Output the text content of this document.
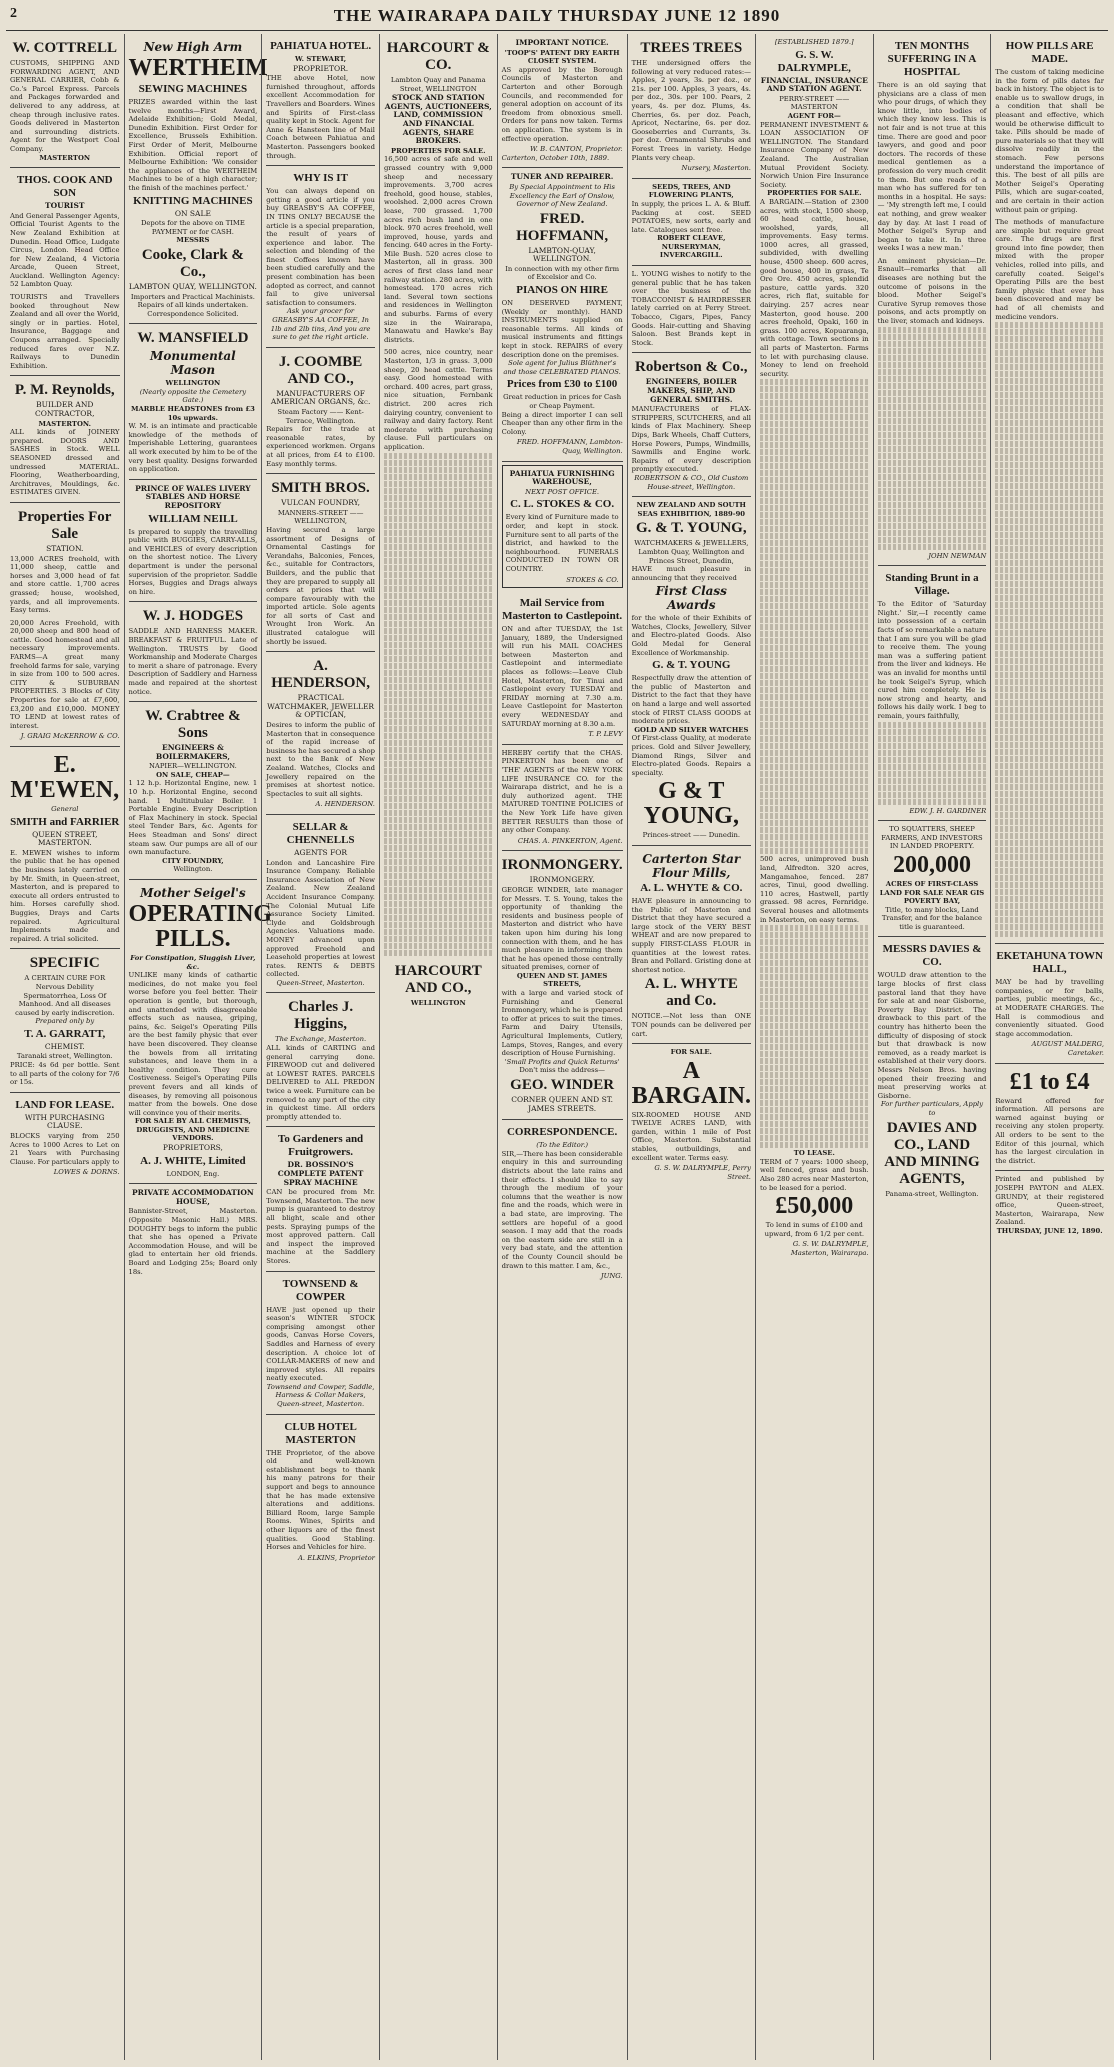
2	THE WAIRARAPA DAILY THURSDAY JUNE 12 1890
W. COTTRELL
CUSTOMS, SHIPPING AND FORWARDING AGENT, AND GENERAL CARRIER, Cobb & Co.'s Parcel Express. Parcels and Packages forwarded and delivered to any address, at cheap through inclusive rates. Goods delivered in Masterton and surrounding districts. Agent for the Westport Coal Company.
MASTERTON
THOS. COOK AND SON
TOURIST
And General Passenger Agents, Official Tourist Agents to the New Zealand Exhibition at Dunedin. Head Office, Ludgate Circus, London. Head Office for New Zealand, 4 Victoria Arcade, Queen Street, Auckland. Wellington Agency: 52 Lambton Quay.
TOURISTS and Travellers booked throughout New Zealand and all over the World, singly or in parties. Hotel, Insurance, Baggage and Coupons arranged. Specially reduced fares over N.Z. Railways to Dunedin Exhibition.
P. M. Reynolds,
BUILDER AND CONTRACTOR,
MASTERTON.
ALL kinds of JOINERY prepared. DOORS AND SASHES in Stock. WELL SEASONED dressed and undressed MATERIAL. Flooring, Weatherboarding, Architraves, Mouldings, &c. ESTIMATES GIVEN.
Properties For Sale
STATION.
13,000 ACRES freehold, with 11,000 sheep, cattle and horses and 3,000 head of fat and store cattle. 1,700 acres grassed; house, woolshed, yards, and all improvements. Easy terms.
20,000 Acres Freehold, with 20,000 sheep and 800 head of cattle. Good homestead and all necessary improvements. FARMS—A great many freehold farms for sale, varying in size from 100 to 500 acres. CITY & SUBURBAN PROPERTIES. 3 Blocks of City Properties for sale at £7,600, £3,200 and £10,000. MONEY TO LEND at lowest rates of interest.
J. GRAIG McKERROW & CO.
E. M'EWEN,
General
SMITH and FARRIER
QUEEN STREET, MASTERTON.
E. MEWEN wishes to inform the public that he has opened the business lately carried on by Mr. Smith, in Queen-street, Masterton, and is prepared to execute all orders entrusted to him. Horses carefully shod. Buggies, Drays and Carts repaired. Agricultural Implements made and repaired. A trial solicited.
SPECIFIC
A CERTAIN CURE FOR Nervous Debility Spermatorrhea, Loss Of Manhood. And all diseases caused by early indiscretion.
Prepared only by
T. A. GARRATT,
CHEMIST.
Taranaki street, Wellington.
PRICE: 4s 6d per bottle. Sent to all parts of the colony for 7/6 or 15s.
LAND FOR LEASE.
WITH PURCHASING CLAUSE.
BLOCKS varying from 250 Acres to 1000 Acres to Let on 21 Years with Purchasing Clause. For particulars apply to
LOWES & DORNS.
New High Arm
WERTHEIM
SEWING MACHINES
PRIZES awarded within the last twelve months—First Award, Adelaide Exhibition; Gold Medal, Dunedin Exhibition. First Order for Excellence, Brussels Exhibition. First Order of Merit, Melbourne Exhibition. Official report of Melbourne Exhibition: 'We consider the appliances of the WERTHEIM Machines to be of a high character; the finish of the machines perfect.'
KNITTING MACHINES
ON SALE
Depots for the above on TIME PAYMENT or for CASH.
MESSRS
Cooke, Clark & Co.,
LAMBTON QUAY, WELLINGTON.
Importers and Practical Machinists. Repairs of all kinds undertaken. Correspondence Solicited.
W. MANSFIELD
Monumental Mason
WELLINGTON
(Nearly opposite the Cemetery Gate.)
MARBLE HEADSTONES from £3 10s upwards.
W. M. is an intimate and practicable knowledge of the methods of Imperishable Lettering, guarantees all work executed by him to be of the very best quality. Designs forwarded on application.
PRINCE OF WALES LIVERY STABLES AND HORSE REPOSITORY
WILLIAM NEILL
Is prepared to supply the travelling public with BUGGIES, CARRY-ALLS, and VEHICLES of every description on the shortest notice. The Livery department is under the personal supervision of the proprietor. Saddle Horses, Buggies and Drags always on hire.
W. J. HODGES
SADDLE AND HARNESS MAKER. BREAKFAST & FRUITFUL. Late of Wellington. TRUSTS by Good Workmanship and Moderate Charges to merit a share of patronage. Every Description of Saddlery and Harness made and repaired at the shortest notice.
W. Crabtree & Sons
ENGINEERS & BOILERMAKERS,
NAPIER—WELLINGTON.
ON SALE, CHEAP—
1 12 h.p. Horizontal Engine, new. 1 10 h.p. Horizontal Engine, second hand. 1 Multitubular Boiler. 1 Portable Engine. Every Description of Flax Machinery in stock. Special steel Tender Bars, &c. Agents for Hees Steadman and Sons' direct steam saw. Our pumps are all of our own manufacture.
CITY FOUNDRY,
Wellington.
Mother Seigel's
OPERATING PILLS.
For Constipation, Sluggish Liver, &c.
UNLIKE many kinds of cathartic medicines, do not make you feel worse before you feel better. Their operation is gentle, but thorough, and unattended with disagreeable effects such as nausea, griping, pains, &c. Seigel's Operating Pills are the best family physic that ever have been discovered. They cleanse the bowels from all irritating substances, and leave them in a healthy condition. They cure Costiveness. Seigel's Operating Pills prevent fevers and all kinds of diseases, by removing all poisonous matter from the bowels. One dose will convince you of their merits.
FOR SALE BY ALL CHEMISTS, DRUGGISTS, AND MEDICINE VENDORS.
PROPRIETORS,
A. J. WHITE, Limited
LONDON, Eng.
PRIVATE ACCOMMODATION HOUSE,
Bannister-Street, Masterton. (Opposite Masonic Hall.) MRS. DOUGHTY begs to inform the public that she has opened a Private Accommodation House, and will be glad to entertain her old friends. Board and Lodging 25s; Board only 18s.
PAHIATUA HOTEL.
W. STEWART,
PROPRIETOR.
THE above Hotel, now furnished throughout, affords excellent Accommodation for Travellers and Boarders. Wines and Spirits of First-class quality kept in Stock. Agent for Anne & Hansteen line of Mail Coach between Pahiatua and Masterton. Passengers booked through.
WHY IS IT
You can always depend on getting a good article if you buy GREASBY'S AA COFFEE, IN TINS ONLY? BECAUSE the article is a special preparation, the result of years of experience and labor. The selection and blending of the finest Coffees known have been studied carefully and the present combination has been adopted as correct, and cannot fail to give universal satisfaction to consumers.
Ask your grocer for GREASBY'S AA COFFEE, In 1lb and 2lb tins, And you are sure to get the right article.
J. COOMBE AND CO.,
MANUFACTURERS OF AMERICAN ORGANS, &c.
Steam Factory —— Kent-Terrace, Wellington.
Repairs for the trade at reasonable rates, by experienced workmen. Organs at all prices, from £4 to £100. Easy monthly terms.
SMITH BROS.
VULCAN FOUNDRY,
MANNERS-STREET —— WELLINGTON,
Having secured a large assortment of Designs of Ornamental Castings for Verandahs, Balconies, Fences, &c., suitable for Contractors, Builders, and the public that they are prepared to supply all orders at prices that will compare favourably with the imported article. Sole agents for all sorts of Cast and Wrought Iron Work. An illustrated catalogue will shortly be issued.
A. HENDERSON,
PRACTICAL WATCHMAKER, JEWELLER & OPTICIAN,
Desires to inform the public of Masterton that in consequence of the rapid increase of business he has secured a shop next to the Bank of New Zealand. Watches, Clocks and Jewellery repaired on the premises at shortest notice. Spectacles to suit all sights.
A. HENDERSON.
SELLAR & CHENNELLS
AGENTS FOR
London and Lancashire Fire Insurance Company. Reliable Insurance Association of New Zealand. New Zealand Accident Insurance Company. The Colonial Mutual Life Assurance Society Limited. Clyde and Goldsbrough Agencies. Valuations made. MONEY advanced upon approved Freehold and Leasehold properties at lowest rates. RENTS & DEBTS collected.
Queen-Street, Masterton.
Charles J. Higgins,
The Exchange, Masterton.
ALL kinds of CARTING and general carrying done. FIREWOOD cut and delivered at LOWEST RATES. PARCELS DELIVERED to ALL PREDON twice a week. Furniture can be removed to any part of the city in quickest time. All orders promptly attended to.
To Gardeners and Fruitgrowers.
DR. BOSSINO'S COMPLETE PATENT SPRAY MACHINE
CAN be procured from Mr. Townsend, Masterton. The new pump is guaranteed to destroy all blight, scale and other pests. Spraying pumps of the most approved pattern. Call and inspect the improved machine at the Saddlery Stores.
TOWNSEND & COWPER
HAVE just opened up their season's WINTER STOCK comprising amongst other goods, Canvas Horse Covers, Saddles and Harness of every description. A choice lot of COLLAR-MAKERS of new and improved styles. All repairs neatly executed.
Townsend and Cowper, Saddle, Harness & Collar Makers, Queen-street, Masterton.
CLUB HOTEL MASTERTON
THE Proprietor, of the above old and well-known establishment begs to thank his many patrons for their support and begs to announce that he has made extensive alterations and additions. Billiard Room, large Sample Rooms. Wines, Spirits and other liquors are of the finest qualities. Good Stabling. Horses and Vehicles for hire.
A. ELKINS, Proprietor
HARCOURT & CO.
Lambton Quay and Panama Street, WELLINGTON
STOCK AND STATION AGENTS, AUCTIONEERS, LAND, COMMISSION AND FINANCIAL AGENTS, SHARE BROKERS.
PROPERTIES FOR SALE.
16,500 acres of safe and well grassed country with 9,000 sheep and necessary improvements. 3,700 acres freehold, good house, stables, woolshed. 2,000 acres Crown lease, 700 grassed. 1,700 acres rich bush land in one block. 970 acres freehold, well improved, house, yards and fencing. 640 acres in the Forty-Mile Bush. 520 acres close to Masterton, all in grass. 300 acres of first class land near railway station. 280 acres, with homestead. 170 acres rich land. Several town sections and residences in Wellington and suburbs. Farms of every size in the Wairarapa, Manawatu and Hawke's Bay districts.
500 acres, nice country, near Masterton, 1/3 in grass. 3,000 sheep, 20 head cattle. Terms easy. Good homestead with orchard. 400 acres, part grass, nice situation, Fernbank district. 200 acres rich dairying country, convenient to railway and dairy factory. Rent moderate with purchasing clause. Full particulars on application.
HARCOURT AND CO.,
WELLINGTON
IMPORTANT NOTICE.
'TOOP'S' PATENT DRY EARTH CLOSET SYSTEM.
AS approved by the Borough Councils of Masterton and Carterton and other Borough Councils, and recommended for general adoption on account of its freedom from obnoxious smell. Orders for pans now taken. Terms on application. The system is in effective operation.
W. B. CANTON, Proprietor.
Carterton, October 10th, 1889.
TUNER AND REPAIRER.
By Special Appointment to His Excellency the Earl of Onslow, Governor of New Zealand.
FRED. HOFFMANN,
LAMBTON-QUAY, WELLINGTON.
In connection with my other firm of Excelsior and Co.
PIANOS ON HIRE
ON DESERVED PAYMENT, (Weekly or monthly). HAND INSTRUMENTS supplied on reasonable terms. All kinds of musical instruments and fittings kept in stock. REPAIRS of every description done on the premises.
Sole agent for Julius Blüthner's and those CELEBRATED PIANOS.
Prices from £30 to £100
Great reduction in prices for Cash or Cheap Payment.
Being a direct importer I can sell Cheaper than any other firm in the Colony.
FRED. HOFFMANN, Lambton-Quay, Wellington.
PAHIATUA FURNISHING WAREHOUSE,
NEXT POST OFFICE.
C. L. STOKES & CO.
Every kind of Furniture made to order, and kept in stock. Furniture sent to all parts of the district, and hawked to the neighbourhood. FUNERALS CONDUCTED IN TOWN OR COUNTRY.
STOKES & CO.
Mail Service from Masterton to Castlepoint.
ON and after TUESDAY, the 1st January, 1889, the Undersigned will run his MAIL COACHES between Masterton and Castlepoint and intermediate places as follows:—Leave Club Hotel, Masterton, for Tinui and Castlepoint every TUESDAY and FRIDAY morning at 7.30 a.m. Leave Castlepoint for Masterton every WEDNESDAY and SATURDAY morning at 8.30 a.m.
T. P. LEVY
HEREBY certify that the CHAS. PINKERTON has been one of 'THE' AGENTS of the NEW YORK LIFE INSURANCE CO. for the Wairarapa district, and he is a duly authorized agent. THE MATURED TONTINE POLICIES of the New York Life have given BETTER RESULTS than those of any other Company.
CHAS. A. PINKERTON, Agent.
IRONMONGERY.
IRONMONGERY.
GEORGE WINDER, late manager for Messrs. T. S. Young, takes the opportunity of thanking the residents and business people of Masterton and district who have taken upon him during his long connection with them, and he has much pleasure in informing them that he has opened those centrally situated premises, corner of
QUEEN AND ST. JAMES STREETS,
with a large and varied stock of Furnishing and General Ironmongery, which he is prepared to offer at prices to suit the times. Farm and Dairy Utensils, Agricultural Implements, Cutlery, Lamps, Stoves, Ranges, and every description of House Furnishing.
'Small Profits and Quick Returns'
Don't miss the address—
GEO. WINDER
CORNER QUEEN AND ST. JAMES STREETS.
CORRESPONDENCE.
(To the Editor.)
SIR,—There has been considerable enquiry in this and surrounding districts about the late rains and their effects. I should like to say through the medium of your columns that the weather is now fine and the roads, which were in a bad state, are improving. The settlers are hopeful of a good season. I may add that the roads on the eastern side are still in a very bad state, and the attention of the County Council should be drawn to this matter. I am, &c.,
JUNG.
TREES TREES
THE undersigned offers the following at very reduced rates:—Apples, 2 years, 3s. per doz., or 21s. per 100. Apples, 3 years, 4s. per doz., 30s. per 100. Pears, 2 years, 4s. per doz. Plums, 4s. Cherries, 6s. per doz. Peach, Apricot, Nectarine, 6s. per doz. Gooseberries and Currants, 3s. per doz. Ornamental Shrubs and Forest Trees in variety. Hedge Plants very cheap.
Nursery, Masterton.
SEEDS, TREES, AND FLOWERING PLANTS,
In supply, the prices L. A. & Bluff. Packing at cost. SEED POTATOES, new sorts, early and late. Catalogues sent free.
ROBERT CLEAVE, NURSERYMAN, INVERCARGILL.
L. YOUNG wishes to notify to the general public that he has taken over the business of the TOBACCONIST & HAIRDRESSER lately carried on at Perry Street. Tobacco, Cigars, Pipes, Fancy Goods. Hair-cutting and Shaving Saloon. Best Brands kept in Stock.
Robertson & Co.,
ENGINEERS, BOILER MAKERS, SHIP, AND GENERAL SMITHS.
MANUFACTURERS of FLAX-STRIPPERS, SCUTCHERS, and all kinds of Flax Machinery. Sheep Dips, Bark Wheels, Chaff Cutters, Horse Powers, Pumps, Windmills, Sawmills and Engine work. Repairs of every description promptly executed.
ROBERTSON & CO., Old Custom House-street, Wellington.
NEW ZEALAND AND SOUTH SEAS EXHIBITION, 1889-90
G. & T. YOUNG,
WATCHMAKERS & JEWELLERS, Lambton Quay, Wellington and Princes Street, Dunedin,
HAVE much pleasure in announcing that they received
First Class Awards
for the whole of their Exhibits of Watches, Clocks, Jewellery, Silver and Electro-plated Goods. Also Gold Medal for General Excellence of Workmanship.
G. & T. YOUNG
Respectfully draw the attention of the public of Masterton and District to the fact that they have on hand a large and well assorted stock of FIRST CLASS GOODS at moderate prices.
GOLD AND SILVER WATCHES
Of First-class Quality, at moderate prices. Gold and Silver Jewellery, Diamond Rings, Silver and Electro-plated Goods. Repairs a specialty.
G & T YOUNG,
Princes-street —— Dunedin.
Carterton Star Flour Mills,
A. L. WHYTE & CO.
HAVE pleasure in announcing to the Public of Masterton and District that they have secured a large stock of the VERY BEST WHEAT and are now prepared to supply FIRST-CLASS FLOUR in quantities at the lowest rates. Bran and Pollard. Gristing done at shortest notice.
A. L. WHYTE and Co.
NOTICE.—Not less than ONE TON pounds can be delivered per cart.
FOR SALE.
A BARGAIN.
SIX-ROOMED HOUSE AND TWELVE ACRES LAND, with garden, within 1 mile of Post Office, Masterton. Substantial stables, outbuildings, and excellent water. Terms easy.
G. S. W. DALRYMPLE, Perry Street.
[ESTABLISHED 1879.]
G. S. W. DALRYMPLE,
FINANCIAL, INSURANCE AND STATION AGENT.
PERRY-STREET —— MASTERTON
AGENT FOR—
PERMANENT INVESTMENT & LOAN ASSOCIATION OF WELLINGTON. The Standard Insurance Company of New Zealand. The Australian Mutual Provident Society. Norwich Union Fire Insurance Society.
PROPERTIES FOR SALE.
A BARGAIN.—Station of 2300 acres, with stock, 1500 sheep, 60 head cattle, house, woolshed, yards, all improvements. Easy terms. 1000 acres, all grassed, subdivided, with dwelling house, 4500 sheep. 600 acres, good house, 400 in grass, Te Ore Ore. 450 acres, splendid pasture, cattle yards. 320 acres, rich flat, suitable for dairying. 257 acres near Masterton, good house. 200 acres freehold, Opaki, 160 in grass. 100 acres, Kopuaranga, with cottage. Town sections in all parts of Masterton. Farms to let with purchasing clause. Money to lend on freehold security.
500 acres, unimproved bush land, Alfredton. 320 acres, Mangamahoe, fenced. 287 acres, Tinui, good dwelling. 110 acres, Hastwell, partly grassed. 98 acres, Fernridge. Several houses and allotments in Masterton, on easy terms.
TO LEASE.
TERM of 7 years: 1000 sheep, well fenced, grass and bush. Also 280 acres near Masterton, to be leased for a period.
£50,000
To lend in sums of £100 and upward, from 6 1/2 per cent.
G. S. W. DALRYMPLE, Masterton, Wairarapa.
TEN MONTHS SUFFERING IN A HOSPITAL
There is an old saying that physicians are a class of men who pour drugs, of which they know little, into bodies of which they know less. This is not fair and is not true at this time. There are good and poor lawyers, and good and poor doctors. The records of these medical gentlemen as a profession do very much credit to them. But one reads of a man who has suffered for ten months in a hospital. He says:— 'My strength left me, I could eat nothing, and grew weaker day by day. At last I read of Mother Seigel's Syrup and began to take it. In three weeks I was a new man.'
An eminent physician—Dr. Esnault—remarks that all diseases are nothing but the outcome of poisons in the blood. Mother Seigel's Curative Syrup removes those poisons, and acts promptly on the liver, stomach and kidneys.
JOHN NEWMAN
Standing Brunt in a Village.
To the Editor of 'Saturday Night.' Sir,—I recently came into possession of a certain facts of so remarkable a nature that I am sure you will be glad to receive them. The young man was a suffering patient from the liver and kidneys. He was an invalid for months until he took Seigel's Syrup, which cured him completely. He is now strong and hearty, and follows his daily work. I beg to remain, yours faithfully,
EDW. J. H. GARDINER
TO SQUATTERS, SHEEP FARMERS, AND INVESTORS IN LANDED PROPERTY.
200,000
ACRES OF FIRST-CLASS LAND FOR SALE NEAR GIS POVERTY BAY,
Title, to many blocks, Land Transfer, and for the balance title is guaranteed.
MESSRS DAVIES & CO.
WOULD draw attention to the large blocks of first class pastoral land that they have for sale at and near Gisborne, Poverty Bay District. The drawback to this part of the country has hitherto been the difficulty of disposing of stock but that drawback is now removed, as a ready market is established at their very doors. Messrs Nelson Bros. having opened their freezing and meat preserving works at Gisborne.
For further particulars, Apply to
DAVIES AND CO., LAND AND MINING AGENTS,
Panama-street, Wellington.
HOW PILLS ARE MADE.
The custom of taking medicine in the form of pills dates far back in history. The object is to enable us to swallow drugs, in a condition that shall be pleasant and effective, which would be otherwise difficult to take. Pills should be made of pure materials so that they will dissolve readily in the stomach. Few persons understand the importance of this. The best of all pills are Mother Seigel's Operating Pills, which are sugar-coated, and are certain in their action without pain or griping.
The methods of manufacture are simple but require great care. The drugs are first ground into fine powder, then mixed with the proper vehicles, rolled into pills, and carefully coated. Seigel's Operating Pills are the best family physic that ever has been discovered and may be had of all chemists and medicine vendors.
EKETAHUNA TOWN HALL,
MAY be had by travelling companies, or for balls, parties, public meetings, &c., at MODERATE CHARGES. The Hall is commodious and conveniently situated. Good stage accommodation.
AUGUST MALDERG, Caretaker.
£1 to £4
Reward offered for information. All persons are warned against buying or receiving any stolen property. All orders to be sent to the Editor of this journal, which has the largest circulation in the district.
Printed and published by JOSEPH PAYTON and ALEX. GRUNDY, at their registered office, Queen-street, Masterton, Wairarapa, New Zealand.
THURSDAY, JUNE 12, 1890.
